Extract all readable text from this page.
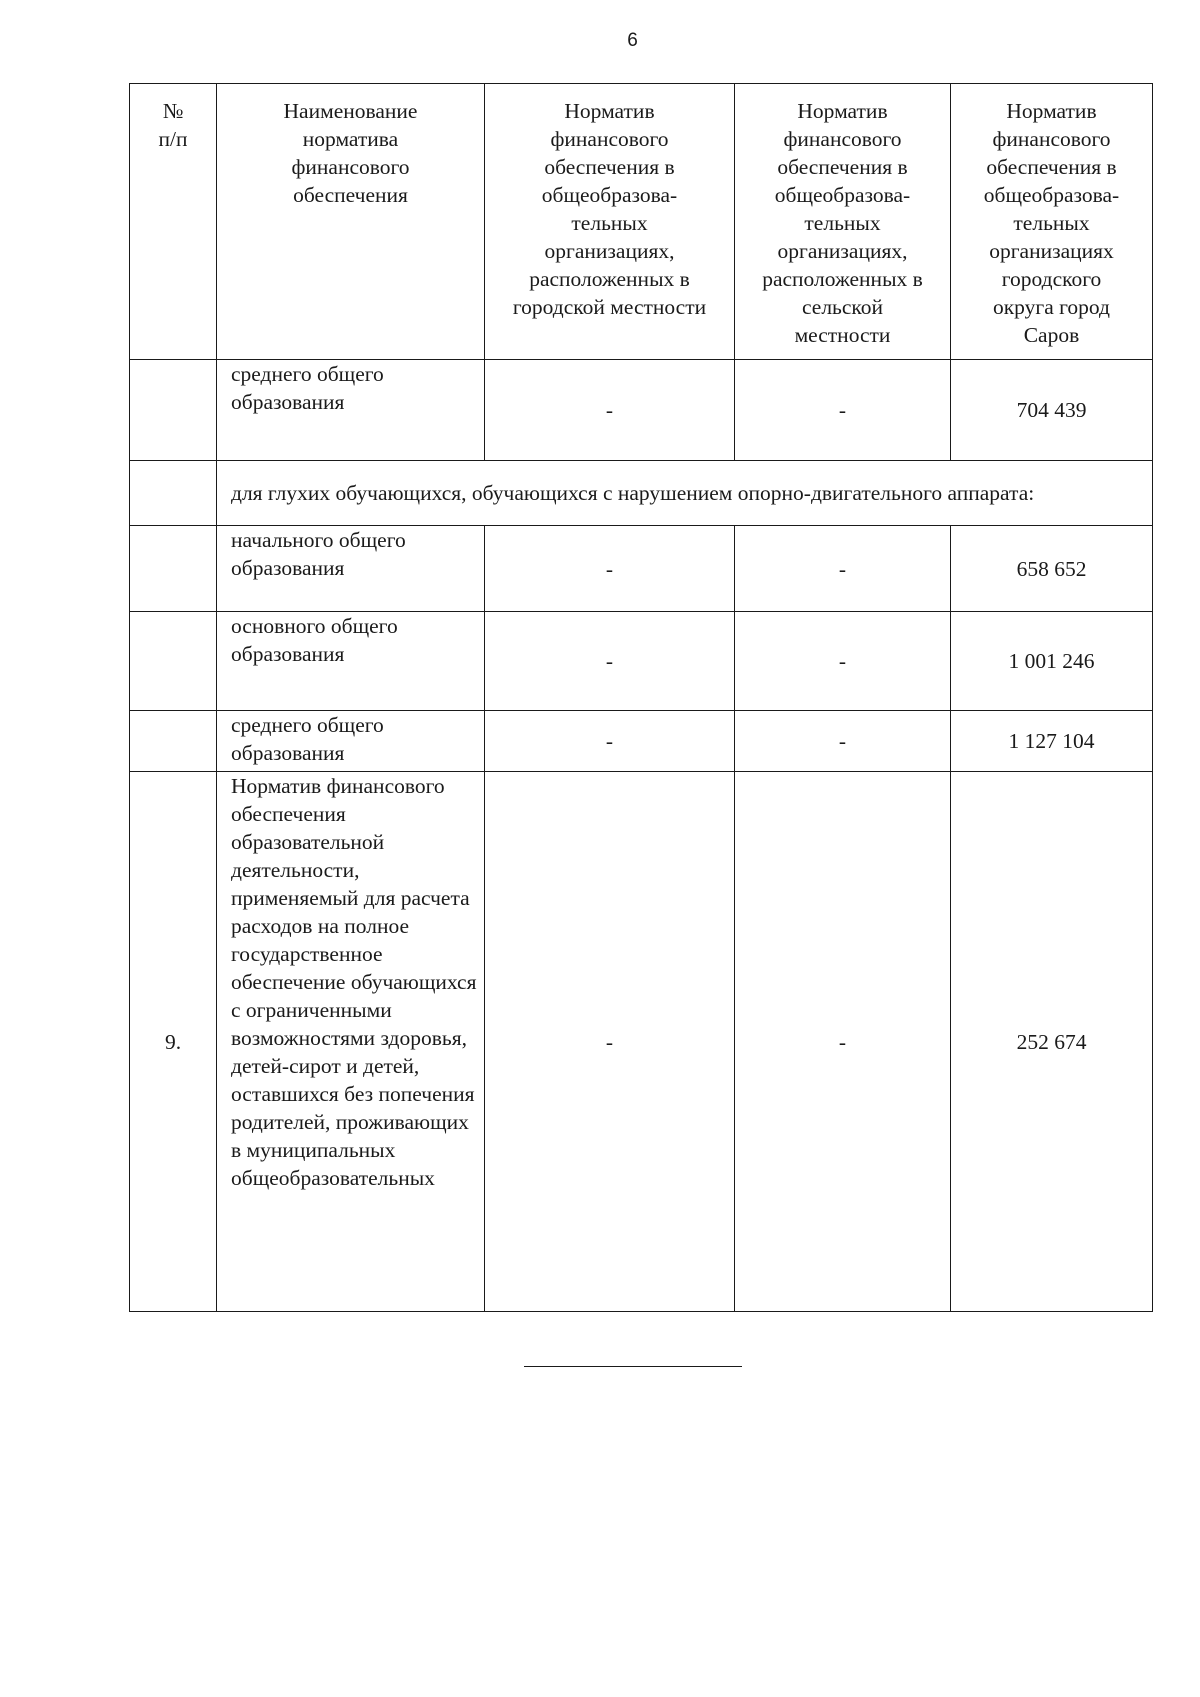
6
№ п/п	Наименование норматива финансового обеспечения	Норматив финансового обеспечения в общеобразова-тельных организациях, расположенных в городской местности	Норматив финансового обеспечения в общеобразова-тельных организациях, расположенных в сельской местности	Норматив финансового обеспечения в общеобразова-тельных организациях городского округа город Саров

	среднего общего образования	-	-	704 439
	для глухих обучающихся, обучающихся с нарушением опорно-двигательного аппарата:			
	начального общего образования	-	-	658 652
	основного общего образования	-	-	1 001 246
	среднего общего образования	-	-	1 127 104
9.	Норматив финансового обеспечения образовательной деятельности, применяемый для расчета расходов на полное государственное обеспечение обучающихся с ограниченными возможностями здоровья, детей-сирот и детей, оставшихся без попечения родителей, проживающих в муниципальных общеобразовательных	-	-	252 674
